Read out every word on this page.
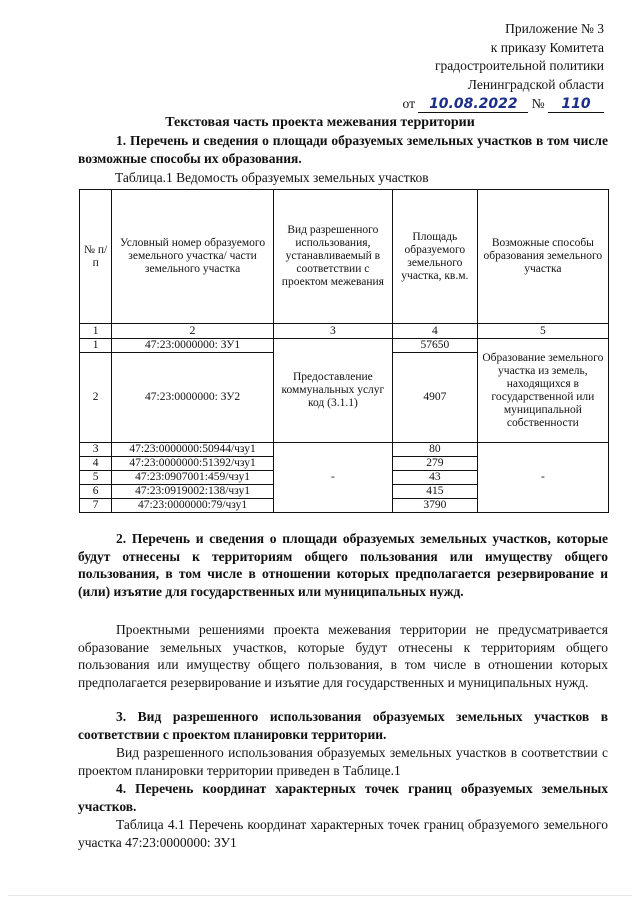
Приложение № 3
к приказу Комитета
градостроительной политики
Ленинградской области
от 10.08.2022 № 110
Текстовая часть проекта межевания территории

1. Перечень и сведения о площади образуемых земельных участков в том числе возможные способы их образования.

Таблица.1 Ведомость образуемых земельных участков
№ п/п	Условный номер образуемого земельного участка/ части земельного участка	Вид разрешенного использования, устанавливаемый в соответствии с проектом межевания	Площадь образуемого земельного участка, кв.м.	Возможные способы образования земельного участка
1	2	3	4	5
1	47:23:0000000: ЗУ1	Предоставление коммунальных услуг код (3.1.1)	57650	Образование земельного участка из земель, находящихся в государственной или муниципальной собственности
2	47:23:0000000: ЗУ2		4907	
3	47:23:0000000:50944/чзу1	-	80	-
4	47:23:0000000:51392/чзу1		279	
5	47:23:0907001:459/чзу1		43	
6	47:23:0919002:138/чзу1		415	
7	47:23:0000000:79/чзу1		3790	

2. Перечень и сведения о площади образуемых земельных участков, которые будут отнесены к территориям общего пользования или имуществу общего пользования, в том числе в отношении которых предполагается резервирование и (или) изъятие для государственных или муниципальных нужд.

Проектными решениями проекта межевания территории не предусматривается образование земельных участков, которые будут отнесены к территориям общего пользования или имуществу общего пользования, в том числе в отношении которых предполагается резервирование и изъятие для государственных и муниципальных нужд.

3. Вид разрешенного использования образуемых земельных участков в соответствии с проектом планировки территории.

Вид разрешенного использования образуемых земельных участков в соответствии с проектом планировки территории приведен в Таблице.1

4. Перечень координат характерных точек границ образуемых земельных участков.

Таблица 4.1 Перечень координат характерных точек границ образуемого земельного участка 47:23:0000000: ЗУ1
